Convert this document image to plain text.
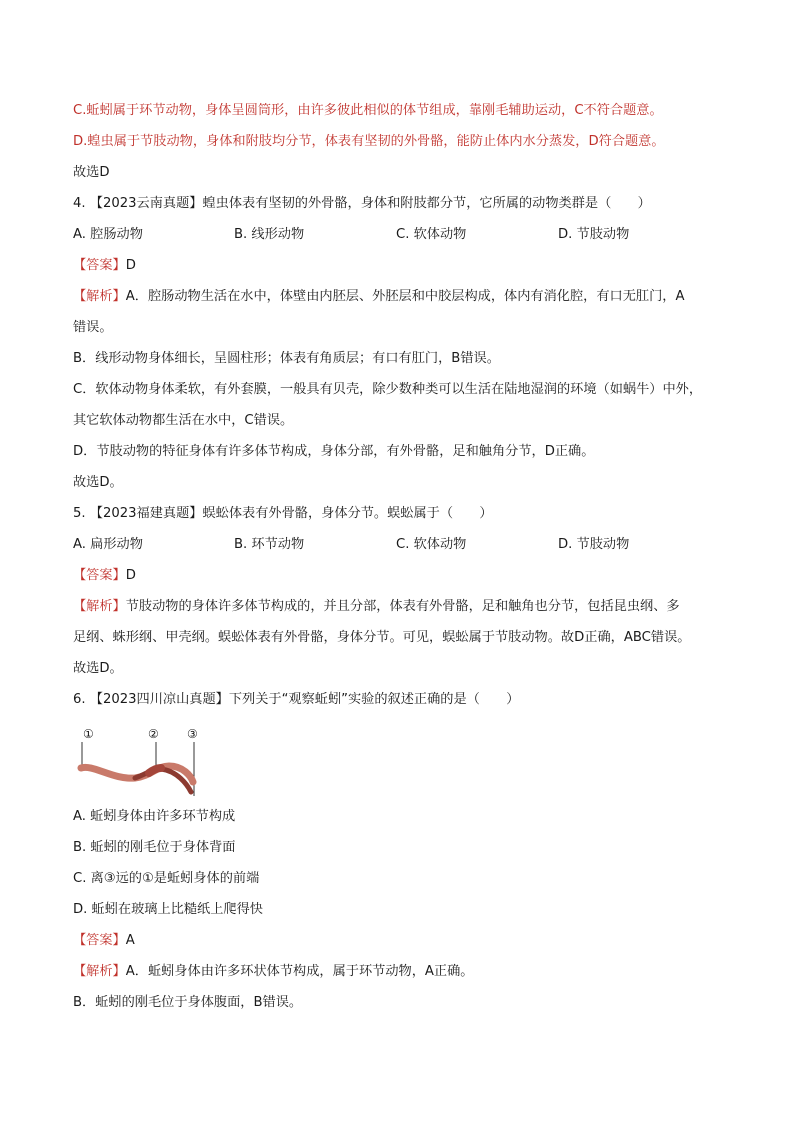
C.蚯蚓属于环节动物，身体呈圆筒形，由许多彼此相似的体节组成，靠刚毛辅助运动，C不符合题意。
D.蝗虫属于节肢动物，身体和附肢均分节，体表有坚韧的外骨骼，能防止体内水分蒸发，D符合题意。
故选D
4. 【2023云南真题】蝗虫体表有坚韧的外骨骼，身体和附肢都分节，它所属的动物类群是（　　）
A. 腔肠动物	B. 线形动物	C. 软体动物	D. 节肢动物
【答案】D
【解析】A．腔肠动物生活在水中，体壁由内胚层、外胚层和中胶层构成，体内有消化腔，有口无肛门，A
错误。
B．线形动物身体细长，呈圆柱形；体表有角质层；有口有肛门，B错误。
C．软体动物身体柔软，有外套膜，一般具有贝壳，除少数种类可以生活在陆地湿润的环境（如蜗牛）中外，
其它软体动物都生活在水中，C错误。
D．节肢动物的特征身体有许多体节构成，身体分部，有外骨骼，足和触角分节，D正确。
故选D。
5. 【2023福建真题】蜈蚣体表有外骨骼，身体分节。蜈蚣属于（　　）
A. 扁形动物	B. 环节动物	C. 软体动物	D. 节肢动物
【答案】D
【解析】节肢动物的身体许多体节构成的，并且分部，体表有外骨骼，足和触角也分节，包括昆虫纲、多
足纲、蛛形纲、甲壳纲。蜈蚣体表有外骨骼，身体分节。可见，蜈蚣属于节肢动物。故D正确，ABC错误。
故选D。
6. 【2023四川凉山真题】下列关于“观察蚯蚓”实验的叙述正确的是（　　）
①	② ③
A. 蚯蚓身体由许多环节构成
B. 蚯蚓的刚毛位于身体背面
C. 离③远的①是蚯蚓身体的前端
D. 蚯蚓在玻璃上比糙纸上爬得快
【答案】A
【解析】A．蚯蚓身体由许多环状体节构成，属于环节动物，A正确。
B．蚯蚓的刚毛位于身体腹面，B错误。
